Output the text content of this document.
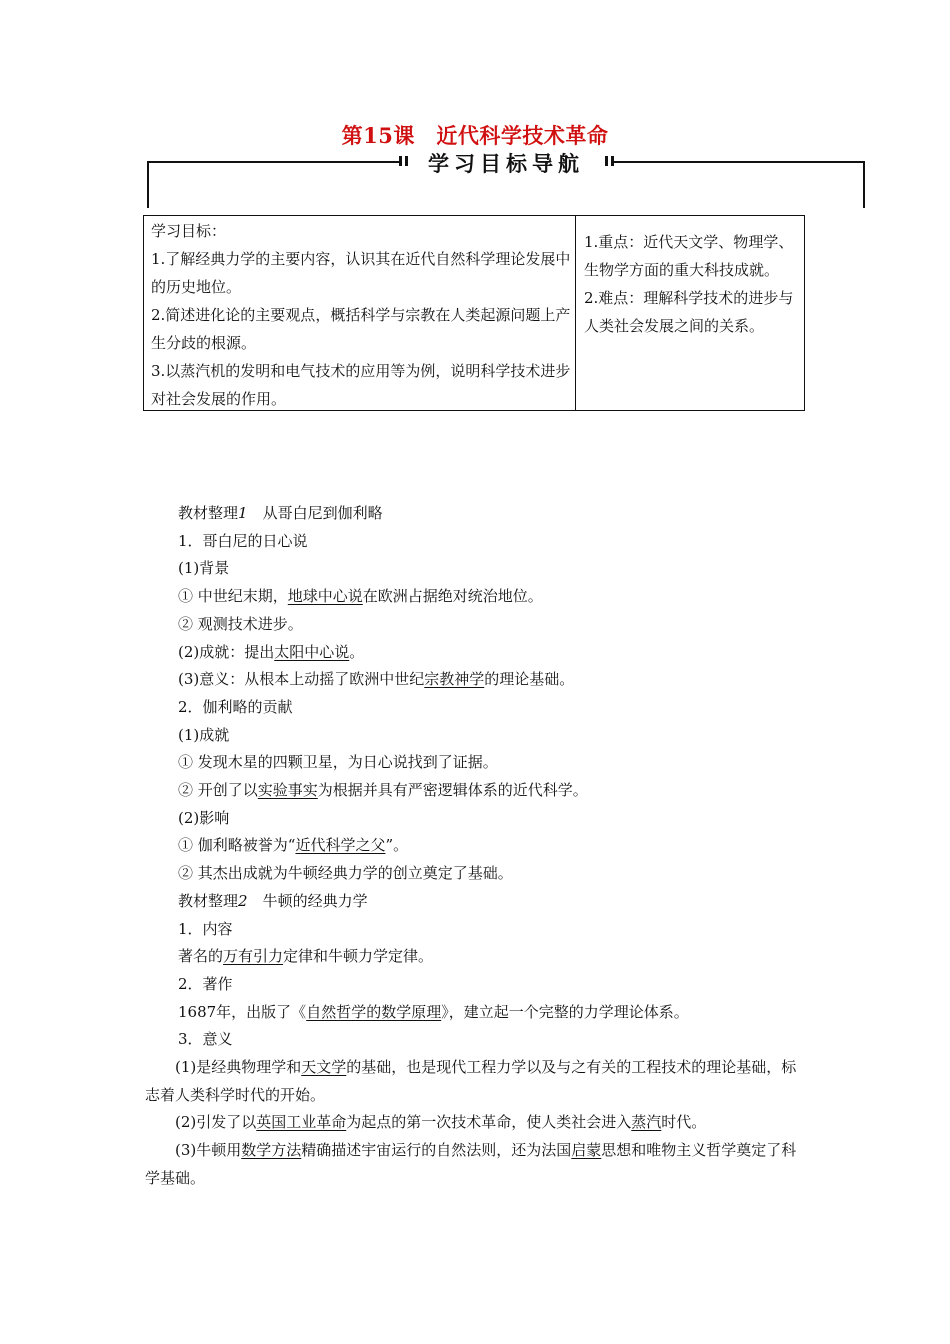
第15课　近代科学技术革命
学习目标导航

学习目标：

1.了解经典力学的主要内容，认识其在近代自然科学理论发展中的历史地位。

2.简述进化论的主要观点，概括科学与宗教在人类起源问题上产生分歧的根源。

3.以蒸汽机的发明和电气技术的应用等为例，说明科学技术进步对社会发展的作用。

1.重点：近代天文学、物理学、生物学方面的重大科技成就。

2.难点：理解科学技术的进步与人类社会发展之间的关系。

教材整理1　从哥白尼到伽利略

1．哥白尼的日心说

(1)背景

① 中世纪末期，地球中心说在欧洲占据绝对统治地位。

② 观测技术进步。

(2)成就：提出太阳中心说。

(3)意义：从根本上动摇了欧洲中世纪宗教神学的理论基础。

2．伽利略的贡献

(1)成就

① 发现木星的四颗卫星，为日心说找到了证据。

② 开创了以实验事实为根据并具有严密逻辑体系的近代科学。

(2)影响

① 伽利略被誉为“近代科学之父”。

② 其杰出成就为牛顿经典力学的创立奠定了基础。

教材整理2　牛顿的经典力学

1．内容

著名的万有引力定律和牛顿力学定律。

2．著作

1687年，出版了《自然哲学的数学原理》，建立起一个完整的力学理论体系。

3．意义

(1)是经典物理学和天文学的基础，也是现代工程力学以及与之有关的工程技术的理论基础，标志着人类科学时代的开始。

(2)引发了以英国工业革命为起点的第一次技术革命，使人类社会进入蒸汽时代。

(3)牛顿用数学方法精确描述宇宙运行的自然法则，还为法国启蒙思想和唯物主义哲学奠定了科学基础。
